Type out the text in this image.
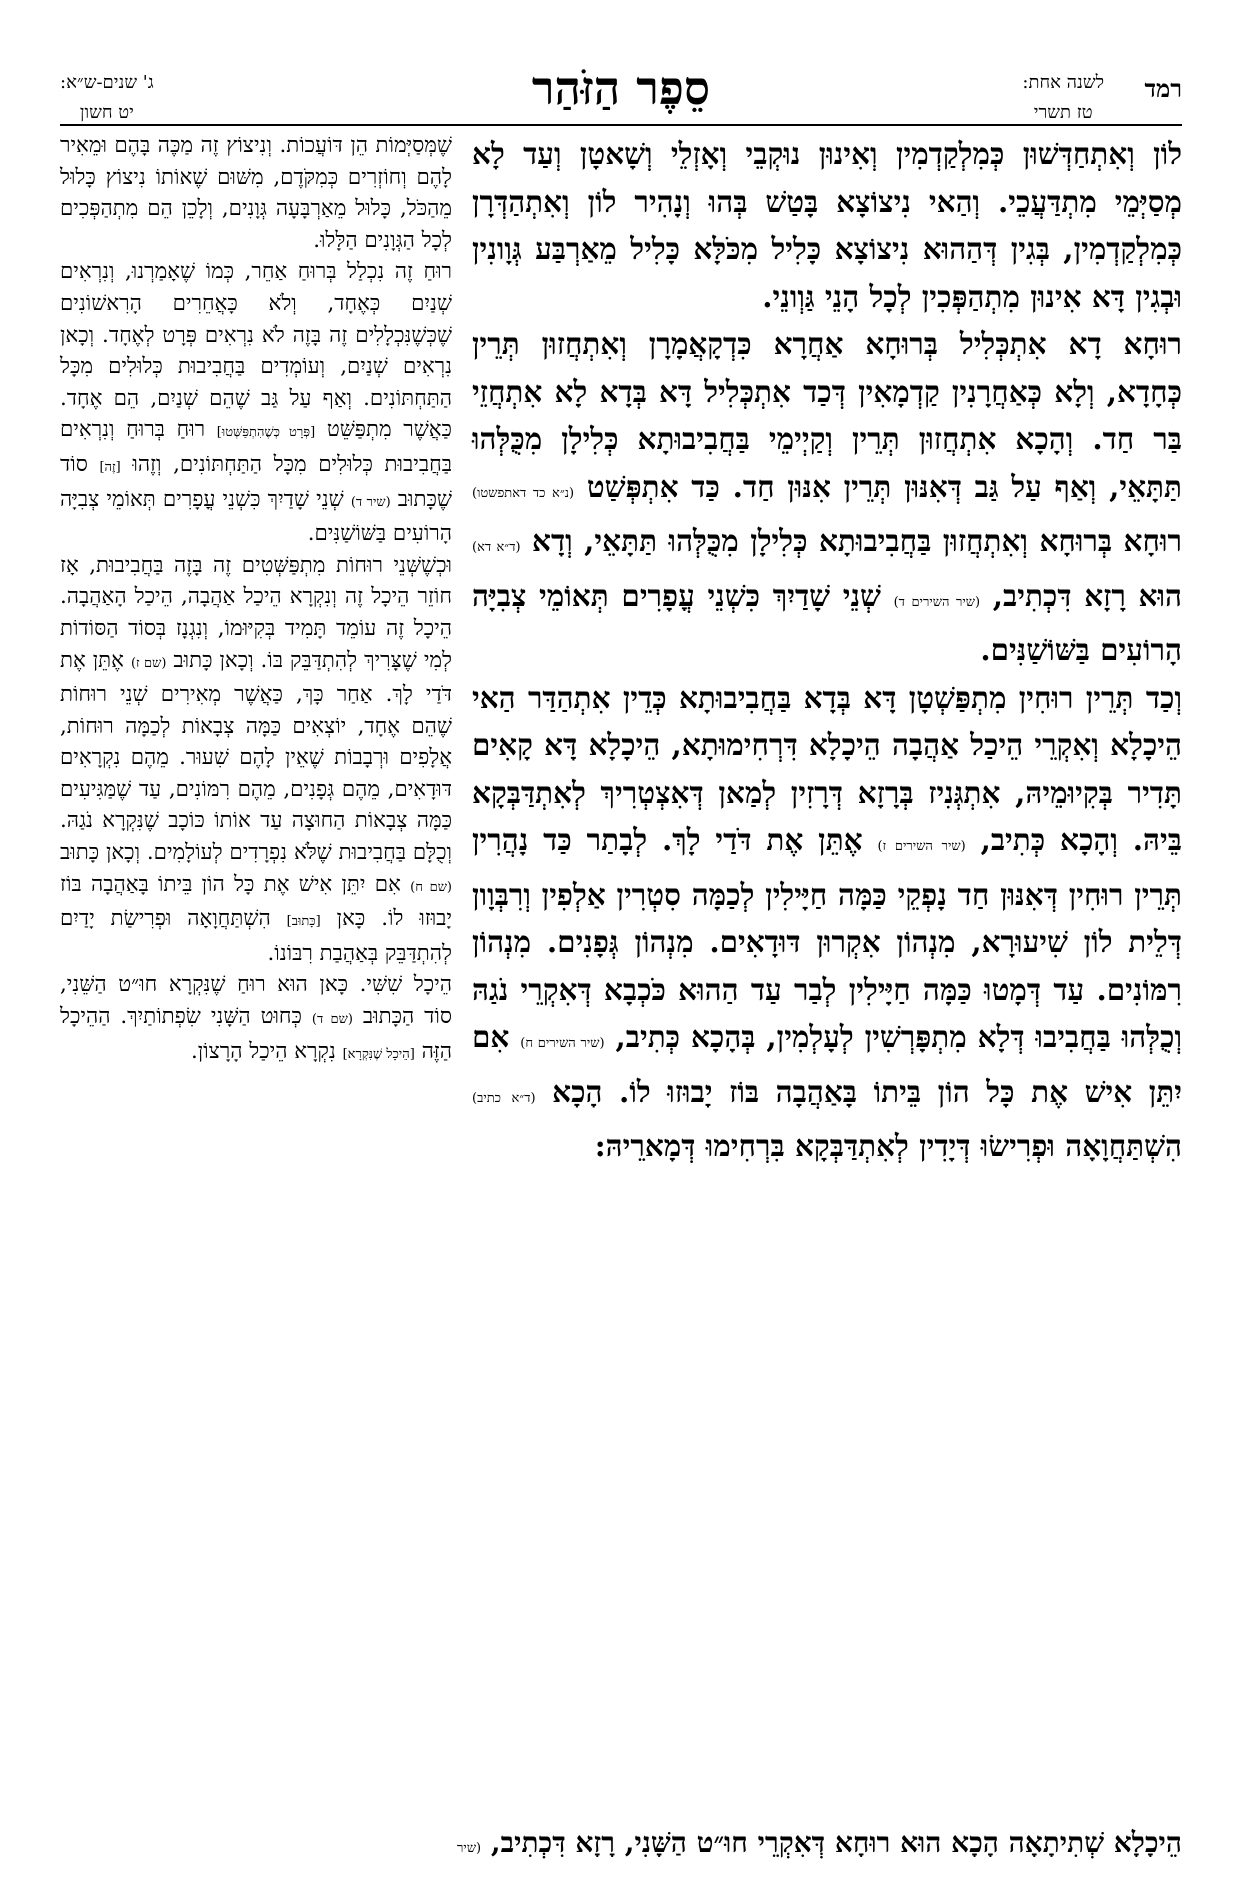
רמד
לשנה אחת:
טז תשרי
סֵפֶר הַזֹּהַר
ג' שנים-ש״א:
יט חשון

לוֹן וְאִתְחַדְּשׁוּן כְּמִלְקַדְמִין וְאִינוּן נוּקְבֵי וְאָזְלֵי וְשָׁאטָן וְעַד לָא מְסַיְּמֵי מִתְדַּעֲכֵי. וְהַאי נִיצוֹצָא בָּטַשׁ בְּהוּ וְנָהִיר לוֹן וְאִתְהַדְּרָן כְּמִלְקַדְמִין, בְּגִין דְּהַהוּא נִיצוֹצָא כָּלִיל מִכֹּלָּא כָּלִיל מֵאַרְבַּע גְּוָונִין וּבְגִין דָּא אִינוּן מִתְהַפְּכִין לְכָל הָנֵי גַּוְונֵי.

רוּחָא דָא אִתְכְּלִיל בְּרוּחָא אַחֲרָא כִּדְקָאֲמָרָן וְאִתְחֲזוּן תְּרֵין כְּחָדָא, וְלָא כְּאַחֲרָנִין קַדְמָאִין דְּכַד אִתְכְּלִיל דָּא בְּדָא לָא אִתְחֲזֵי בַּר חַד. וְהָכָא אִתְחֲזוּן תְּרֵין וְקַיְימֵי בַּחֲבִיבוּתָא כְּלִילָן מִכֻּלְּהוּ תַּתָּאֵי, וְאַף עַל גַּב דְּאִנּוּן תְּרֵין אִנּוּן חַד. כַּד אִתְפְּשַׁט (נ״א כד דאתפשטו) רוּחָא בְּרוּחָא וְאִתְחֲזוּן בַּחֲבִיבוּתָא כְּלִילָן מִכֻּלְּהוּ תַּתָּאֵי, וְדָא (ד״א דא) הוּא רָזָא דִּכְתִיב, (שיר השירים ד) שְׁנֵי שָׁדַיִךְ כִּשְׁנֵי עֳפָרִים תְּאוֹמֵי צְבִיָּה הָרוֹעִים בַּשּׁוֹשַׁנִּים.

וְכַד תְּרֵין רוּחִין מִתְפַּשְׁטָן דָּא בְּדָא בַּחֲבִיבוּתָא כְּדֵין אִתְהַדַּר הַאי הֵיכָלָא וְאִקְרֵי הֵיכַל אַהֲבָה הֵיכָלָא דִּרְחִימוּתָא, הֵיכָלָא דָּא קָאִים תָּדִיר בְּקִיוּמֵיהּ, אִתְגְּנִיז בְּרָזָא דְּרָזִין לְמַאן דְּאִצְטְרִיךְ לְאִתְדַּבְּקָא בֵּיהּ. וְהָכָא כְּתִיב, (שיר השירים ז) אֶתֵּן אֶת דֹּדַי לָךְ. לְבָתַר כַּד נָהֲרִין תְּרֵין רוּחִין דְּאִנּוּן חַד נָפְקֵי כַּמָּה חַיָּילִין לְכַמָּה סִטְרִין אַלְפִין וְרִבְּוָון דְּלֵית לוֹן שִׁיעוּרָא, מִנְהוֹן אִקְרוּן דּוּדָאִים. מִנְהוֹן גְּפָנִים. מִנְהוֹן רִמּוֹנִים. עַד דְּמָטוּ כַּמָּה חַיָּילִין לְבַר עַד הַהוּא כֹּכְבָא דְּאִקְרֵי נֹגַהּ וְכֻלְּהוּ בַּחֲבִיבוּ דְּלָא מִתְפָּרְשִׁין לְעָלְמִין, בְּהָכָא כְּתִיב, (שיר השירים ח) אִם יִתֵּן אִישׁ אֶת כָּל הוֹן בֵּיתוֹ בָּאַהֲבָה בּוֹז יָבוּזוּ לוֹ. הָכָא (ד״א כתיב) הִשְׁתַּחֲוָאָה וּפְרִישׂוּ דְּיָדִין לְאִתְדַּבְּקָא בִּרְחִימוּ דְּמָארֵיהּ:

שֶׁמְּסַיְּמוֹת הֵן דּוֹעֲכוֹת. וְנִיצוֹץ זֶה מַכֶּה בָּהֶם וּמֵאִיר לָהֶם וְחוֹזְרִים כְּמִקֹּדֶם, מִשּׁוּם שֶׁאוֹתוֹ נִיצוֹץ כָּלוּל מֵהַכֹּל, כָּלוּל מֵאַרְבָּעָה גְּוָנִים, וְלָכֵן הֵם מִתְהַפְּכִים לְכָל הַגְּוָנִים הַלָּלוּ.

רוּחַ זֶה נִכְלַל בְּרוּחַ אַחֵר, כְּמוֹ שֶׁאָמַרְנוּ, וְנִרְאִים שְׁנַיִם כְּאֶחָד, וְלֹא כָּאֲחֵרִים הָרִאשׁוֹנִים שֶׁכְּשֶׁנִּכְלָלִים זֶה בָּזֶה לֹא נִרְאִים פְּרָט לְאֶחָד. וְכָאן נִרְאִים שְׁנַיִם, וְעוֹמְדִים בַּחֲבִיבוּת כְּלוּלִים מִכָּל הַתַּחְתּוֹנִים. וְאַף עַל גַּב שֶׁהֵם שְׁנַיִם, הֵם אֶחָד. כַּאֲשֶׁר מִתְפַּשֵּׁט [פְּרָט כְּשֶׁהִתְפַּשְּׁטוּ] רוּחַ בְּרוּחַ וְנִרְאִים בַּחֲבִיבוּת כְּלוּלִים מִכָּל הַתַּחְתּוֹנִים, וְזֶהוּ [זֶה] סוֹד שֶׁכָּתוּב (שיר ד) שְׁנֵי שָׁדַיִךְ כִּשְׁנֵי עֳפָרִים תְּאוֹמֵי צְבִיָּה הָרוֹעִים בַּשּׁוֹשַׁנִּים.

וּכְשֶׁשְּׁנֵי רוּחוֹת מִתְפַּשְּׁטִים זֶה בָּזֶה בַּחֲבִיבוּת, אָז חוֹזֵר הֵיכָל זֶה וְנִקְרָא הֵיכַל אַהֲבָה, הֵיכַל הָאַהֲבָה. הֵיכָל זֶה עוֹמֵד תָּמִיד בְּקִיּוּמוֹ, וְנִגְנָז בְּסוֹד הַסּוֹדוֹת לְמִי שֶׁצָּרִיךְ לְהִתְדַּבֵּק בּוֹ. וְכָאן כָּתוּב (שם ז) אֶתֵּן אֶת דֹּדַי לָךְ. אַחַר כָּךְ, כַּאֲשֶׁר מְאִירִים שְׁנֵי רוּחוֹת שֶׁהֵם אֶחָד, יוֹצְאִים כַּמָּה צְבָאוֹת לְכַמָּה רוּחוֹת, אֲלָפִים וּרְבָבוֹת שֶׁאֵין לָהֶם שִׁעוּר. מֵהֶם נִקְרָאִים דּוּדָאִים, מֵהֶם גְּפָנִים, מֵהֶם רִמּוֹנִים, עַד שֶׁמַּגִּיעִים כַּמָּה צְבָאוֹת הַחוּצָה עַד אוֹתוֹ כּוֹכָב שֶׁנִּקְרָא נֹגַהּ. וְכֻלָּם בַּחֲבִיבוּת שֶׁלֹּא נִפְרָדִים לְעוֹלָמִים. וְכָאן כָּתוּב (שם ח) אִם יִתֵּן אִישׁ אֶת כָּל הוֹן בֵּיתוֹ בָּאַהֲבָה בּוֹז יָבוּזוּ לוֹ. כָּאן [כָּתוּב] הִשְׁתַּחֲוָאָה וּפְרִישַׂת יָדַיִם לְהִתְדַּבֵּק בְּאַהֲבַת רִבּוֹנוֹ.

הֵיכָל שִׁשִּׁי. כָּאן הוּא רוּחַ שֶׁנִּקְרָא חוּ״ט הַשֵּׁנִי, סוֹד הַכָּתוּב (שם ד) כְּחוּט הַשָּׁנִי שִׂפְתוֹתַיִךְ. הַהֵיכָל הַזֶּה [הֵיכָל שֶׁנִּקְרָא] נִקְרָא הֵיכַל הָרָצוֹן.

הֵיכָלָא שְׁתִיתָאָה הָכָא הוּא רוּחָא דְּאִקְרֵי חוּ״ט הַשָּׁנִי, רָזָא דִּכְתִיב, (שיר
